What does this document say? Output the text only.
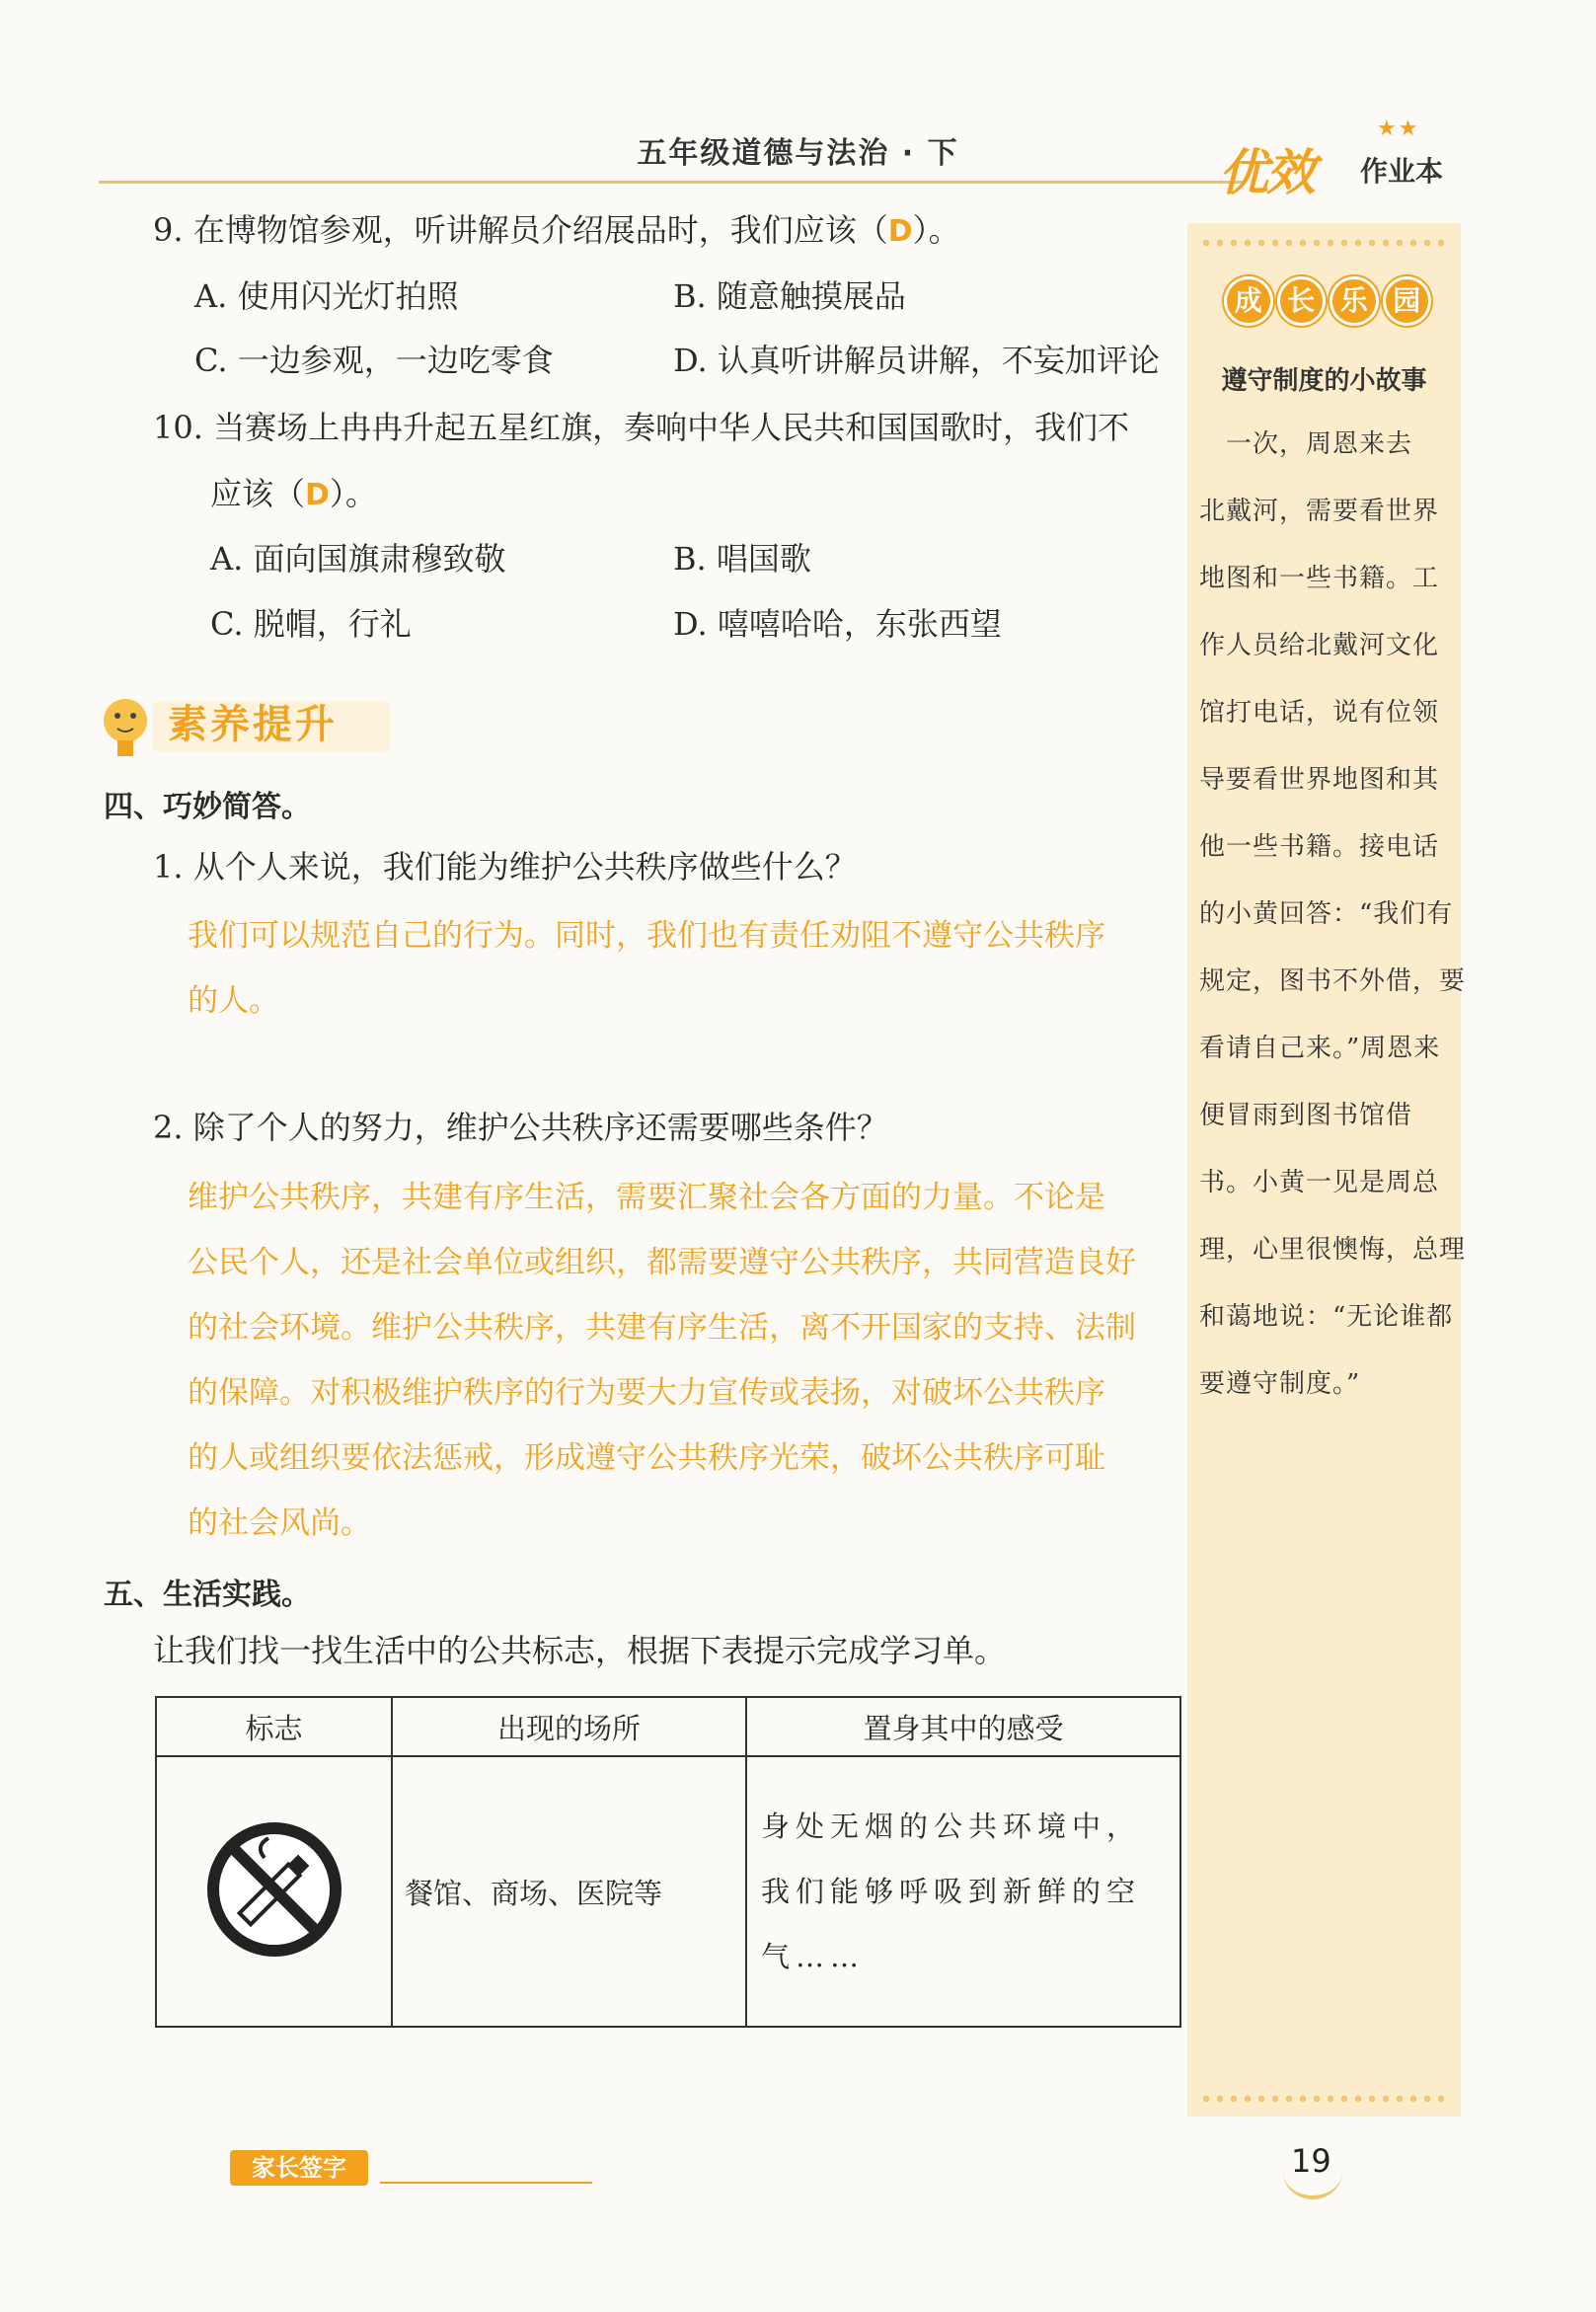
五年级道德与法治 · 下
★★
优效 作业本
9. 在博物馆参观，听讲解员介绍展品时，我们应该（D）。
A. 使用闪光灯拍照	B. 随意触摸展品
C. 一边参观，一边吃零食	D. 认真听讲解员讲解，不妄加评论
10. 当赛场上冉冉升起五星红旗，奏响中华人民共和国国歌时，我们不
应该（D）。
A. 面向国旗肃穆致敬	B. 唱国歌
C. 脱帽，行礼	D. 嘻嘻哈哈，东张西望
素养提升
四、巧妙简答。
1. 从个人来说，我们能为维护公共秩序做些什么？
我们可以规范自己的行为。同时，我们也有责任劝阻不遵守公共秩序
的人。
2. 除了个人的努力，维护公共秩序还需要哪些条件？
维护公共秩序，共建有序生活，需要汇聚社会各方面的力量。不论是
公民个人，还是社会单位或组织，都需要遵守公共秩序，共同营造良好
的社会环境。维护公共秩序，共建有序生活，离不开国家的支持、法制
的保障。对积极维护秩序的行为要大力宣传或表扬，对破坏公共秩序
的人或组织要依法惩戒，形成遵守公共秩序光荣，破坏公共秩序可耻
的社会风尚。
五、生活实践。
让我们找一找生活中的公共标志，根据下表提示完成学习单。
标志	出现的场所	置身其中的感受
	餐馆、商场、医院等	身处无烟的公共环境中，我们能够呼吸到新鲜的空气……
成 长 乐 园
遵守制度的小故事
　一次，周恩来去
北戴河，需要看世界
地图和一些书籍。工
作人员给北戴河文化
馆打电话，说有位领
导要看世界地图和其
他一些书籍。接电话
的小黄回答：“我们有
规定，图书不外借，要
看请自己来。”周恩来
便冒雨到图书馆借
书。小黄一见是周总
理，心里很懊悔，总理
和蔼地说：“无论谁都
要遵守制度。”
家长签字	19
